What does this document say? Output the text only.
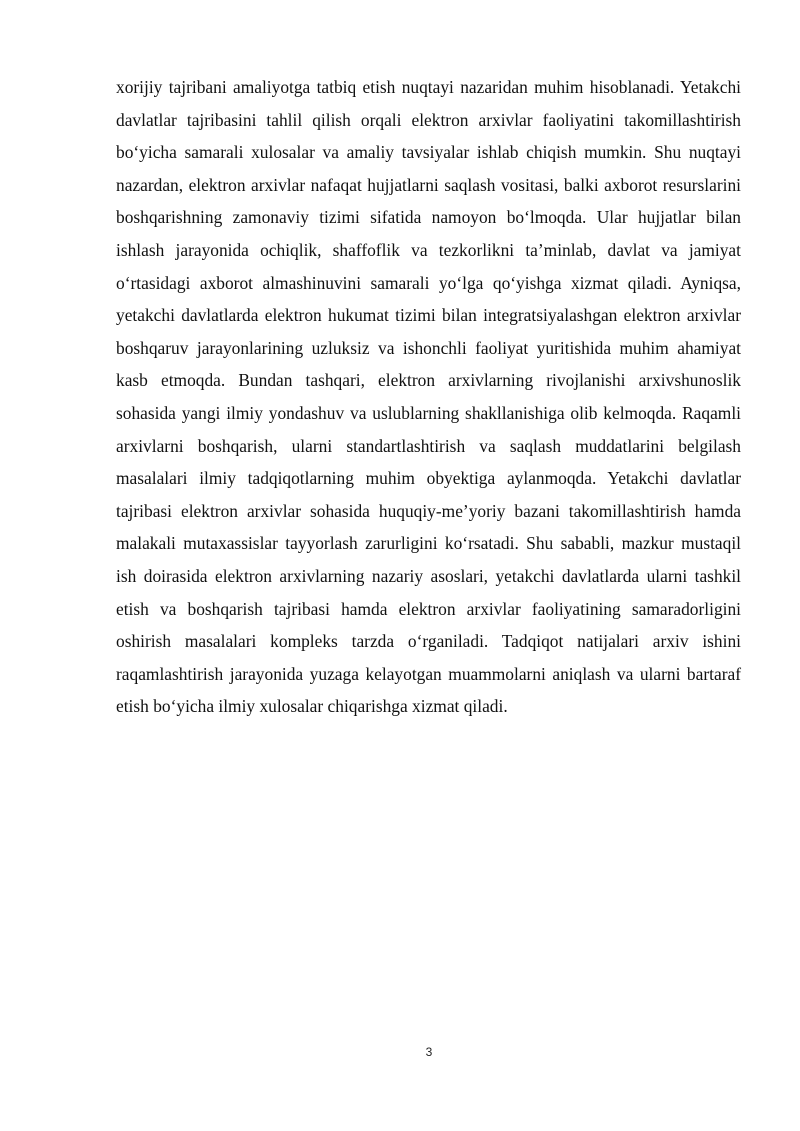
xorijiy tajribani amaliyotga tatbiq etish nuqtayi nazaridan muhim hisoblanadi. Yetakchi davlatlar tajribasini tahlil qilish orqali elektron arxivlar faoliyatini takomillashtirish bo‘yicha samarali xulosalar va amaliy tavsiyalar ishlab chiqish mumkin. Shu nuqtayi nazardan, elektron arxivlar nafaqat hujjatlarni saqlash vositasi, balki axborot resurslarini boshqarishning zamonaviy tizimi sifatida namoyon bo‘lmoqda. Ular hujjatlar bilan ishlash jarayonida ochiqlik, shaffoflik va tezkorlikni ta’minlab, davlat va jamiyat o‘rtasidagi axborot almashinuvini samarali yo‘lga qo‘yishga xizmat qiladi. Ayniqsa, yetakchi davlatlarda elektron hukumat tizimi bilan integratsiyalashgan elektron arxivlar boshqaruv jarayonlarining uzluksiz va ishonchli faoliyat yuritishida muhim ahamiyat kasb etmoqda. Bundan tashqari, elektron arxivlarning rivojlanishi arxivshunoslik sohasida yangi ilmiy yondashuv va uslublarning shakllanishiga olib kelmoqda. Raqamli arxivlarni boshqarish, ularni standartlashtirish va saqlash muddatlarini belgilash masalalari ilmiy tadqiqotlarning muhim obyektiga aylanmoqda. Yetakchi davlatlar tajribasi elektron arxivlar sohasida huquqiy-me’yoriy bazani takomillashtirish hamda malakali mutaxassislar tayyorlash zarurligini ko‘rsatadi. Shu sababli, mazkur mustaqil ish doirasida elektron arxivlarning nazariy asoslari, yetakchi davlatlarda ularni tashkil etish va boshqarish tajribasi hamda elektron arxivlar faoliyatining samaradorligini oshirish masalalari kompleks tarzda o‘rganiladi. Tadqiqot natijalari arxiv ishini raqamlashtirish jarayonida yuzaga kelayotgan muammolarni aniqlash va ularni bartaraf etish bo‘yicha ilmiy xulosalar chiqarishga xizmat qiladi.

3
